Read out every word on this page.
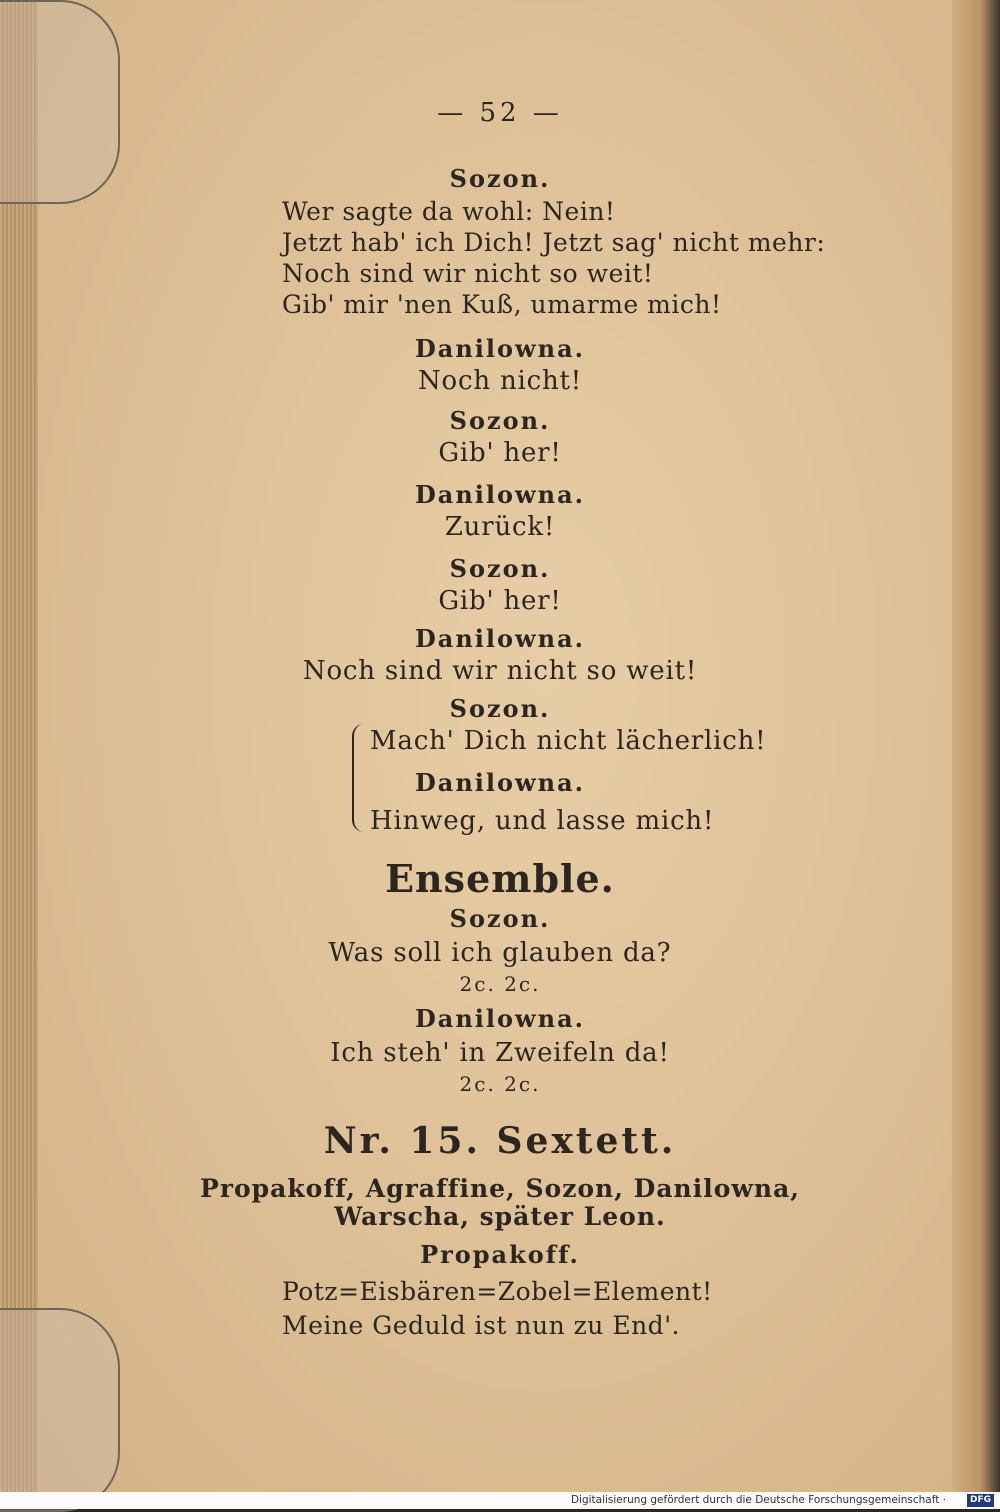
— 52 —
Sozon.
Wer sagte da wohl: Nein!
Jetzt hab' ich Dich! Jetzt sag' nicht mehr:
Noch sind wir nicht so weit!
Gib' mir 'nen Kuß, umarme mich!
Danilowna.
Noch nicht!
Sozon.
Gib' her!
Danilowna.
Zurück!
Sozon.
Gib' her!
Danilowna.
Noch sind wir nicht so weit!
Sozon.
Mach' Dich nicht lächerlich!
Danilowna.
Hinweg, und lasse mich!
Ensemble.
Sozon.
Was soll ich glauben da?
2c. 2c.
Danilowna.
Ich steh' in Zweifeln da!
2c. 2c.
Nr. 15. Sextett.
Propakoff, Agraffine, Sozon, Danilowna,
Warscha, später Leon.
Propakoff.
Potz=Eisbären=Zobel=Element!
Meine Geduld ist nun zu End'.
Digitalisierung gefördert durch die Deutsche Forschungsgemeinschaft ·	DFG
